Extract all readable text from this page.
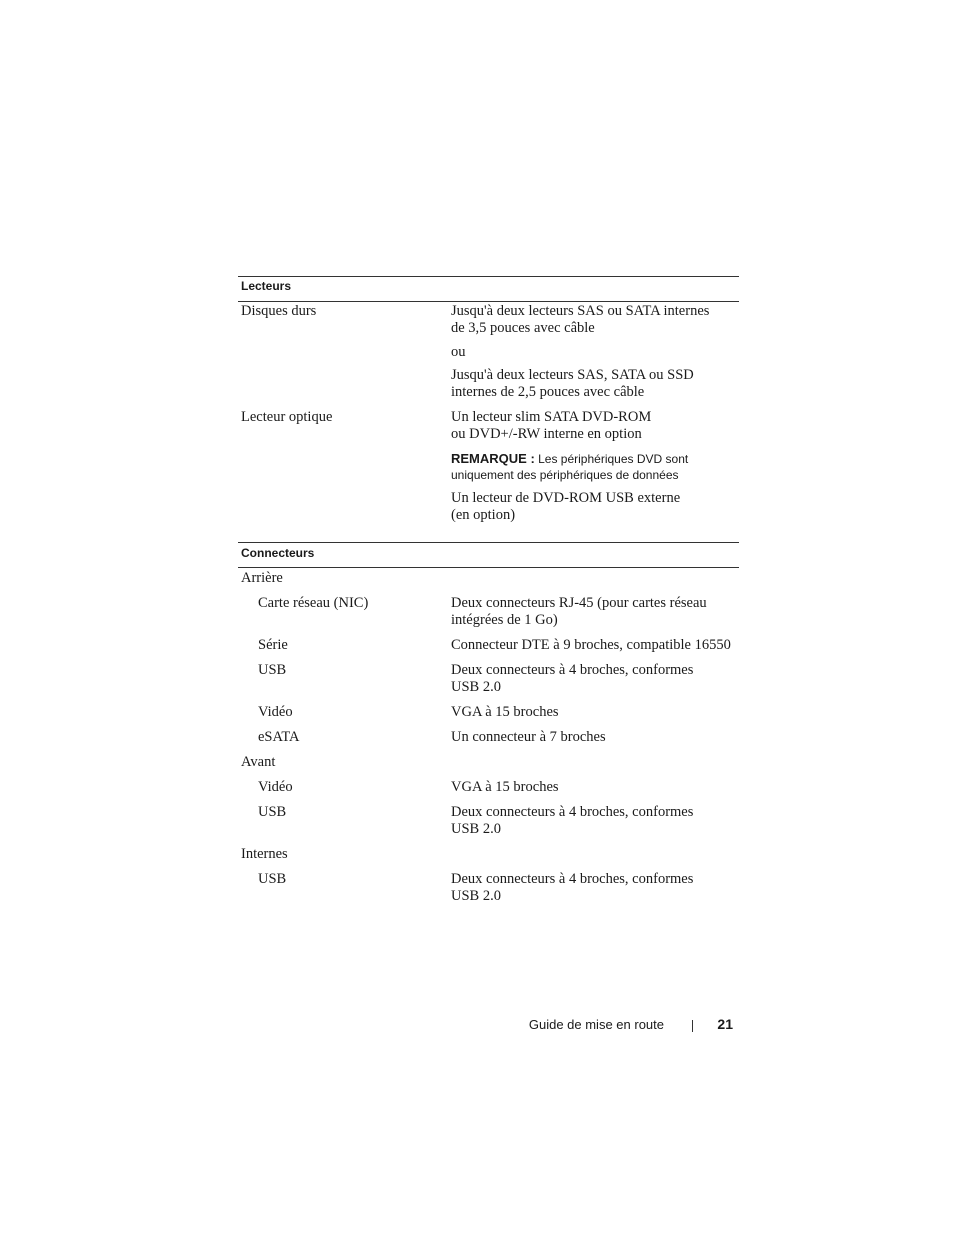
Lecteurs

Disques durs	Jusqu'à deux lecteurs SAS ou SATA internes

de 3,5 pouces avec câble

ou

Jusqu'à deux lecteurs SAS, SATA ou SSD

internes de 2,5 pouces avec câble

Lecteur optique	Un lecteur slim SATA DVD-ROM

ou DVD+/-RW interne en option

REMARQUE : Les périphériques DVD sont

uniquement des périphériques de données

Un lecteur de DVD-ROM USB externe

(en option)

Connecteurs

Arrière

Carte réseau (NIC)	Deux connecteurs RJ-45 (pour cartes réseau

intégrées de 1 Go)

Série	Connecteur DTE à 9 broches, compatible 16550

USB	Deux connecteurs à 4 broches, conformes

USB 2.0

Vidéo	VGA à 15 broches

eSATA	Un connecteur à 7 broches

Avant

Vidéo	VGA à 15 broches

USB	Deux connecteurs à 4 broches, conformes

USB 2.0

Internes

USB	Deux connecteurs à 4 broches, conformes

USB 2.0

Guide de mise en route	21
